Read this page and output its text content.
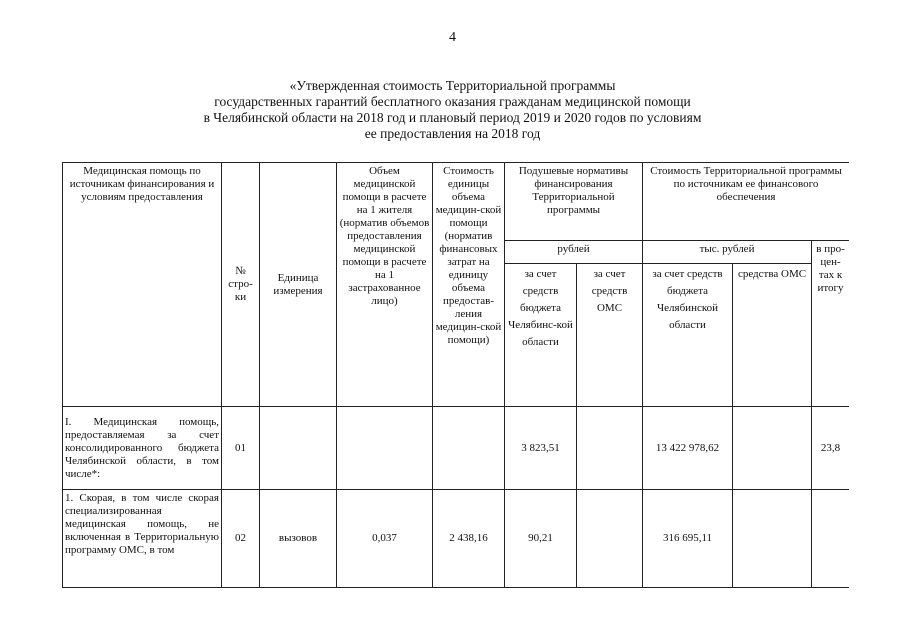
4
«Утвержденная стоимость Территориальной программы
государственных гарантий бесплатного оказания гражданам медицинской помощи
в Челябинской области на 2018 год и плановый период 2019 и 2020 годов по условиям
ее предоставления на 2018 год
Медицинская помощь по источникам финансирования и условиям предоставления	№ стро-ки	Единица измерения	Объем медицинской помощи в расчете на 1 жителя (норматив объемов предоставления медицинской помощи в расчете на 1 застрахованное лицо)	Стоимость единицы объема медицин-ской помощи (норматив финансовых затрат на единицу объема предостав-ления медицин-ской помощи)	Подушевые нормативы финансирования Территориальной программы		Стоимость Территориальной программы по источникам ее финансового обеспечения		
					рублей		тыс. рублей		в про-цен-тах к итогу
					за счет средств бюджета Челябинс-кой области	за счет средств ОМС	за счет средств бюджета Челябинской области	средства ОМС	
I. Медицинская помощь, предоставляемая за счет консолидированного бюджета Челябинской области, в том числе*:	01				3 823,51		13 422 978,62		23,8
1. Скорая, в том числе скорая специализированная медицинская помощь, не включенная в Территориальную программу ОМС, в том	02	вызовов	0,037	2 438,16	90,21		316 695,11		
